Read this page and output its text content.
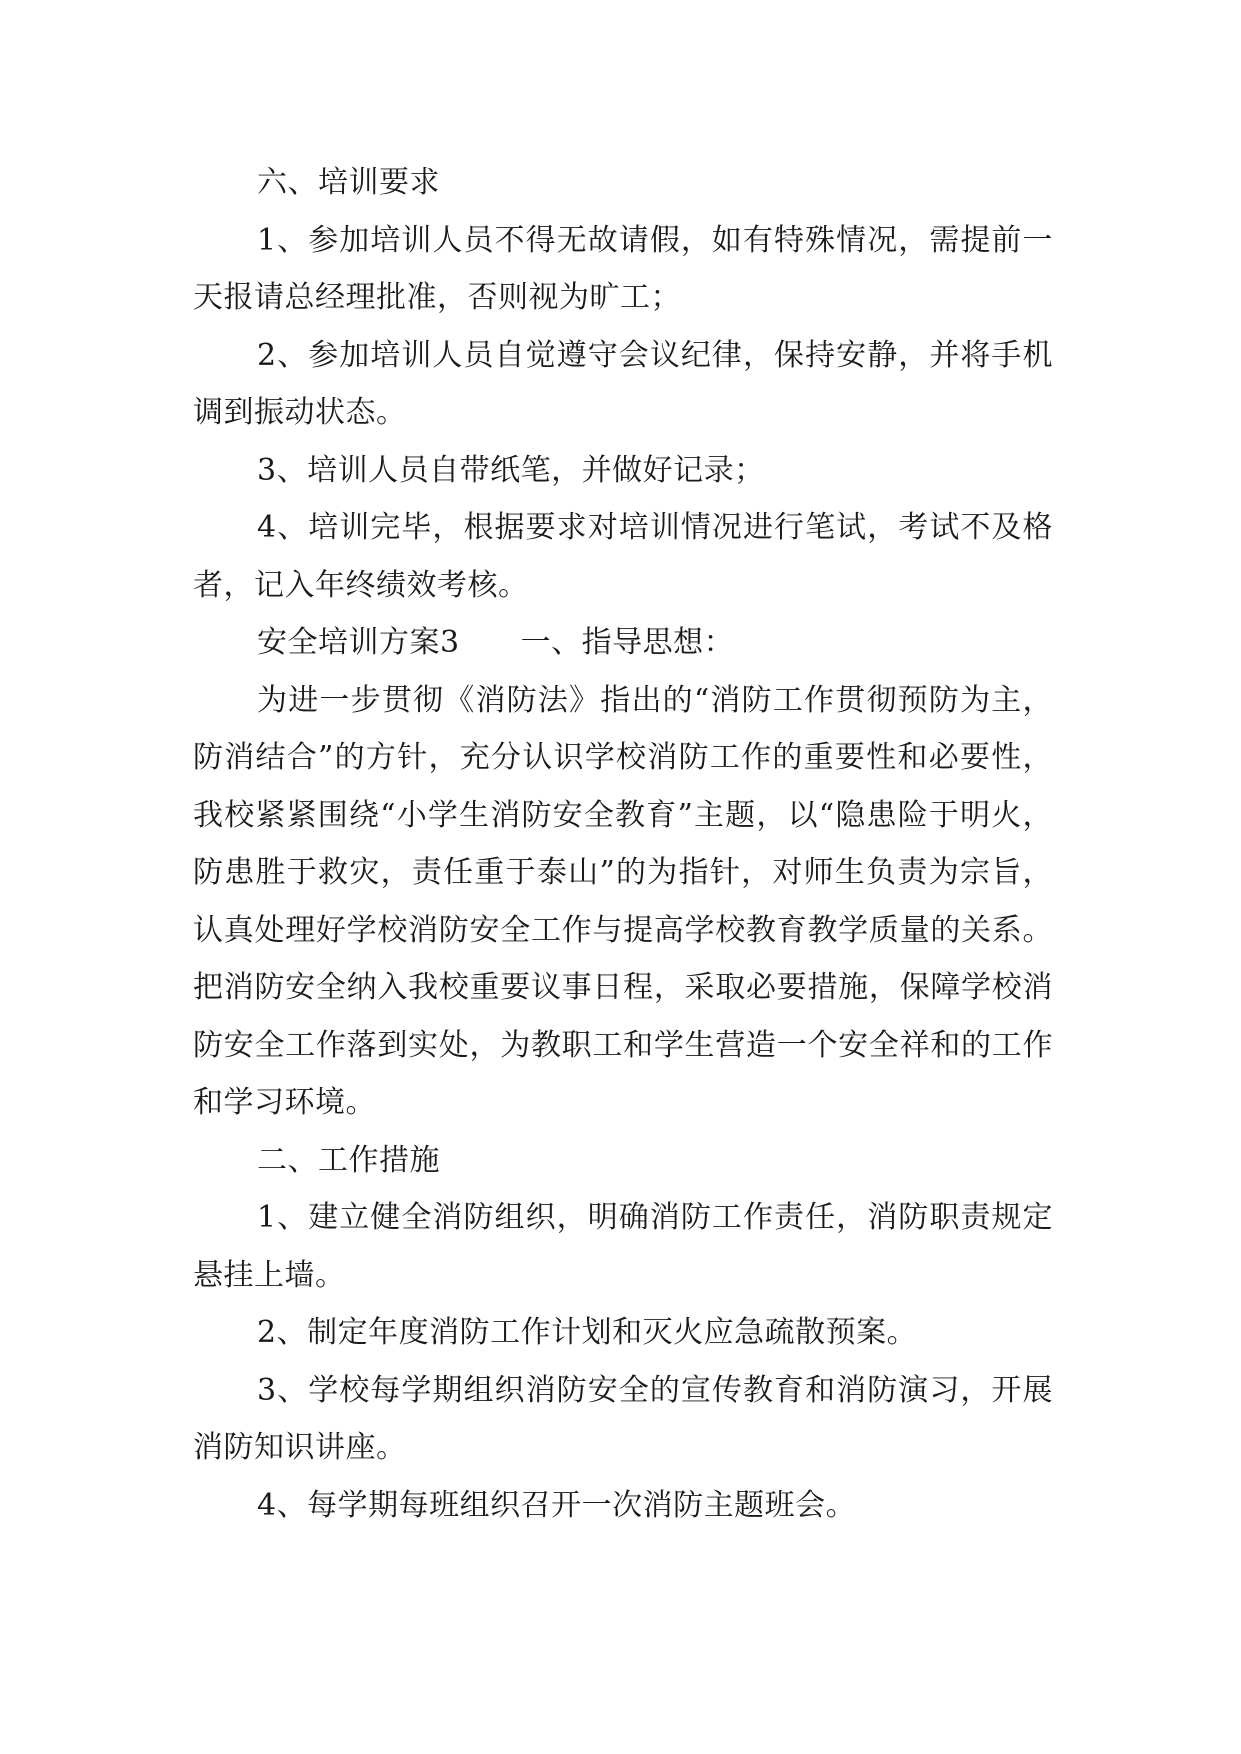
六、培训要求

1、参加培训人员不得无故请假，如有特殊情况，需提前一天报请总经理批准，否则视为旷工；

2、参加培训人员自觉遵守会议纪律，保持安静，并将手机调到振动状态。

3、培训人员自带纸笔，并做好记录；

4、培训完毕，根据要求对培训情况进行笔试，考试不及格者，记入年终绩效考核。

安全培训方案3　　一、指导思想：

为进一步贯彻《消防法》指出的“消防工作贯彻预防为主，防消结合”的方针，充分认识学校消防工作的重要性和必要性，我校紧紧围绕“小学生消防安全教育”主题，以“隐患险于明火，防患胜于救灾，责任重于泰山”的为指针，对师生负责为宗旨，认真处理好学校消防安全工作与提高学校教育教学质量的关系。把消防安全纳入我校重要议事日程，采取必要措施，保障学校消防安全工作落到实处，为教职工和学生营造一个安全祥和的工作和学习环境。

二、工作措施

1、建立健全消防组织，明确消防工作责任，消防职责规定悬挂上墙。

2、制定年度消防工作计划和灭火应急疏散预案。

3、学校每学期组织消防安全的宣传教育和消防演习，开展消防知识讲座。

4、每学期每班组织召开一次消防主题班会。
